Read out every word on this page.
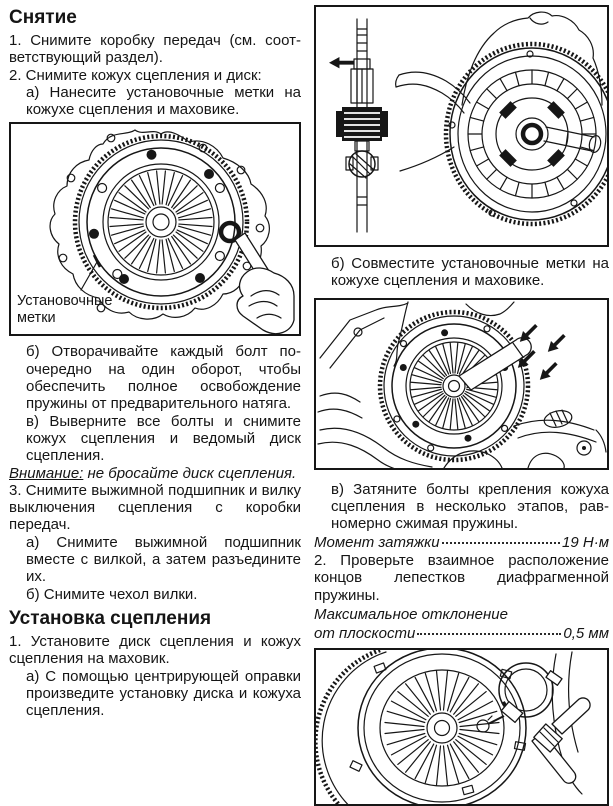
Снятие

1. Снимите коробку передач (см. соответствующий раздел).

2. Снимите кожух сцепления и диск:

а) Нанесите установочные метки на кожухе сцепления и маховике.

Установочные
метки

б) Отворачивайте каждый болт поочередно на один оборот, чтобы обеспечить полное освобождение пружины от предварительного натяга.

в) Выверните все болты и снимите кожух сцепления и ведомый диск сцепления.

Внимание: не бросайте диск сцепления.

3. Снимите выжимной подшипник и вилку выключения сцепления с коробки передач.

а) Снимите выжимной подшипник вместе с вилкой, а затем разъедините их.

б) Снимите чехол вилки.

Установка сцепления

1. Установите диск сцепления и кожух сцепления на маховик.

а) С помощью центрирующей оправки произведите установку диска и кожуха сцепления.

б) Совместите установочные метки на кожухе сцепления и маховике.

в) Затяните болты крепления кожуха сцепления в несколько этапов, равномерно сжимая пружины.

Момент затяжки	19 Н·м

2. Проверьте взаимное расположение концов лепестков диафрагменной пружины.

Максимальное отклонение
от плоскости	0,5 мм
